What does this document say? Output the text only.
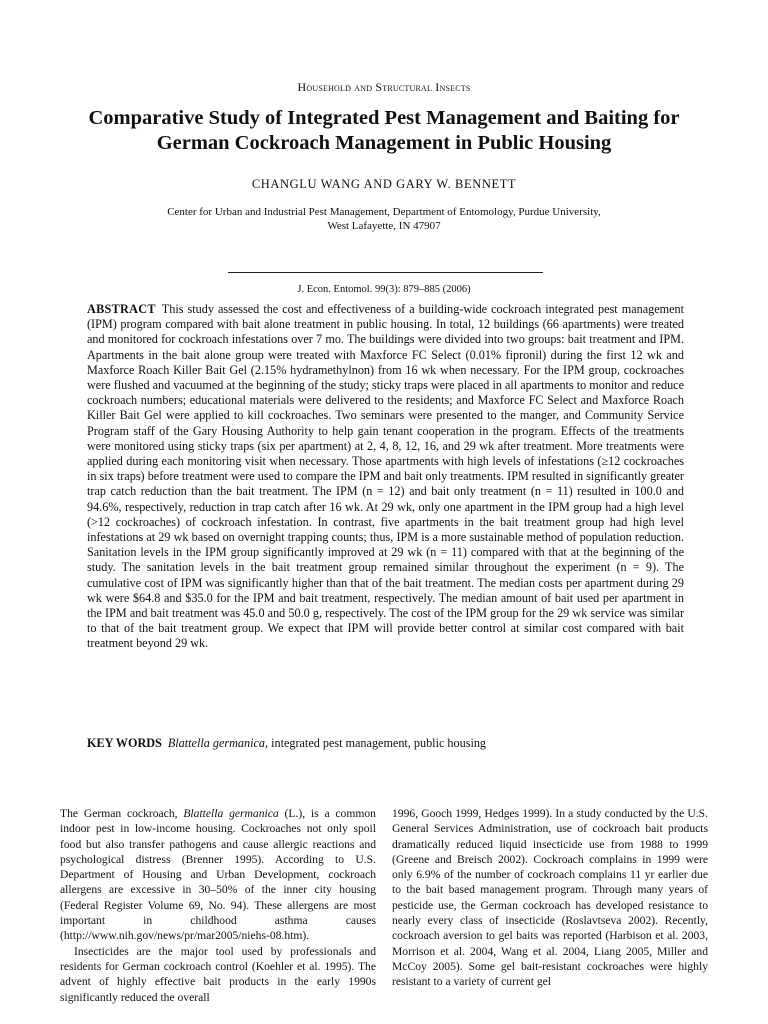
Household and Structural Insects
Comparative Study of Integrated Pest Management and Baiting for German Cockroach Management in Public Housing
CHANGLU WANG AND GARY W. BENNETT
Center for Urban and Industrial Pest Management, Department of Entomology, Purdue University,
West Lafayette, IN 47907
J. Econ. Entomol. 99(3): 879–885 (2006)

ABSTRACT This study assessed the cost and effectiveness of a building-wide cockroach integrated pest management (IPM) program compared with bait alone treatment in public housing. In total, 12 buildings (66 apartments) were treated and monitored for cockroach infestations over 7 mo. The buildings were divided into two groups: bait treatment and IPM. Apartments in the bait alone group were treated with Maxforce FC Select (0.01% fipronil) during the first 12 wk and Maxforce Roach Killer Bait Gel (2.15% hydramethylnon) from 16 wk when necessary. For the IPM group, cockroaches were flushed and vacuumed at the beginning of the study; sticky traps were placed in all apartments to monitor and reduce cockroach numbers; educational materials were delivered to the residents; and Maxforce FC Select and Maxforce Roach Killer Bait Gel were applied to kill cockroaches. Two seminars were presented to the manger, and Community Service Program staff of the Gary Housing Authority to help gain tenant cooperation in the program. Effects of the treatments were monitored using sticky traps (six per apartment) at 2, 4, 8, 12, 16, and 29 wk after treatment. More treatments were applied during each monitoring visit when necessary. Those apartments with high levels of infestations (≥12 cockroaches in six traps) before treatment were used to compare the IPM and bait only treatments. IPM resulted in significantly greater trap catch reduction than the bait treatment. The IPM (n = 12) and bait only treatment (n = 11) resulted in 100.0 and 94.6%, respectively, reduction in trap catch after 16 wk. At 29 wk, only one apartment in the IPM group had a high level (>12 cockroaches) of cockroach infestation. In contrast, five apartments in the bait treatment group had high level infestations at 29 wk based on overnight trapping counts; thus, IPM is a more sustainable method of population reduction. Sanitation levels in the IPM group significantly improved at 29 wk (n = 11) compared with that at the beginning of the study. The sanitation levels in the bait treatment group remained similar throughout the experiment (n = 9). The cumulative cost of IPM was significantly higher than that of the bait treatment. The median costs per apartment during 29 wk were $64.8 and $35.0 for the IPM and bait treatment, respectively. The median amount of bait used per apartment in the IPM and bait treatment was 45.0 and 50.0 g, respectively. The cost of the IPM group for the 29 wk service was similar to that of the bait treatment group. We expect that IPM will provide better control at similar cost compared with bait treatment beyond 29 wk.

KEY WORDS Blattella germanica, integrated pest management, public housing

The German cockroach, Blattella germanica (L.), is a common indoor pest in low-income housing. Cockroaches not only spoil food but also transfer pathogens and cause allergic reactions and psychological distress (Brenner 1995). According to U.S. Department of Housing and Urban Development, cockroach allergens are excessive in 30–50% of the inner city housing (Federal Register Volume 69, No. 94). These allergens are most important in childhood asthma causes (http://www.nih.gov/news/pr/mar2005/niehs-08.htm).

Insecticides are the major tool used by professionals and residents for German cockroach control (Koehler et al. 1995). The advent of highly effective bait products in the early 1990s significantly reduced the overall

1996, Gooch 1999, Hedges 1999). In a study conducted by the U.S. General Services Administration, use of cockroach bait products dramatically reduced liquid insecticide use from 1988 to 1999 (Greene and Breisch 2002). Cockroach complains in 1999 were only 6.9% of the number of cockroach complains 11 yr earlier due to the bait based management program. Through many years of pesticide use, the German cockroach has developed resistance to nearly every class of insecticide (Roslavtseva 2002). Recently, cockroach aversion to gel baits was reported (Harbison et al. 2003, Morrison et al. 2004, Wang et al. 2004, Liang 2005, Miller and McCoy 2005). Some gel bait-resistant cockroaches were highly resistant to a variety of current gel
